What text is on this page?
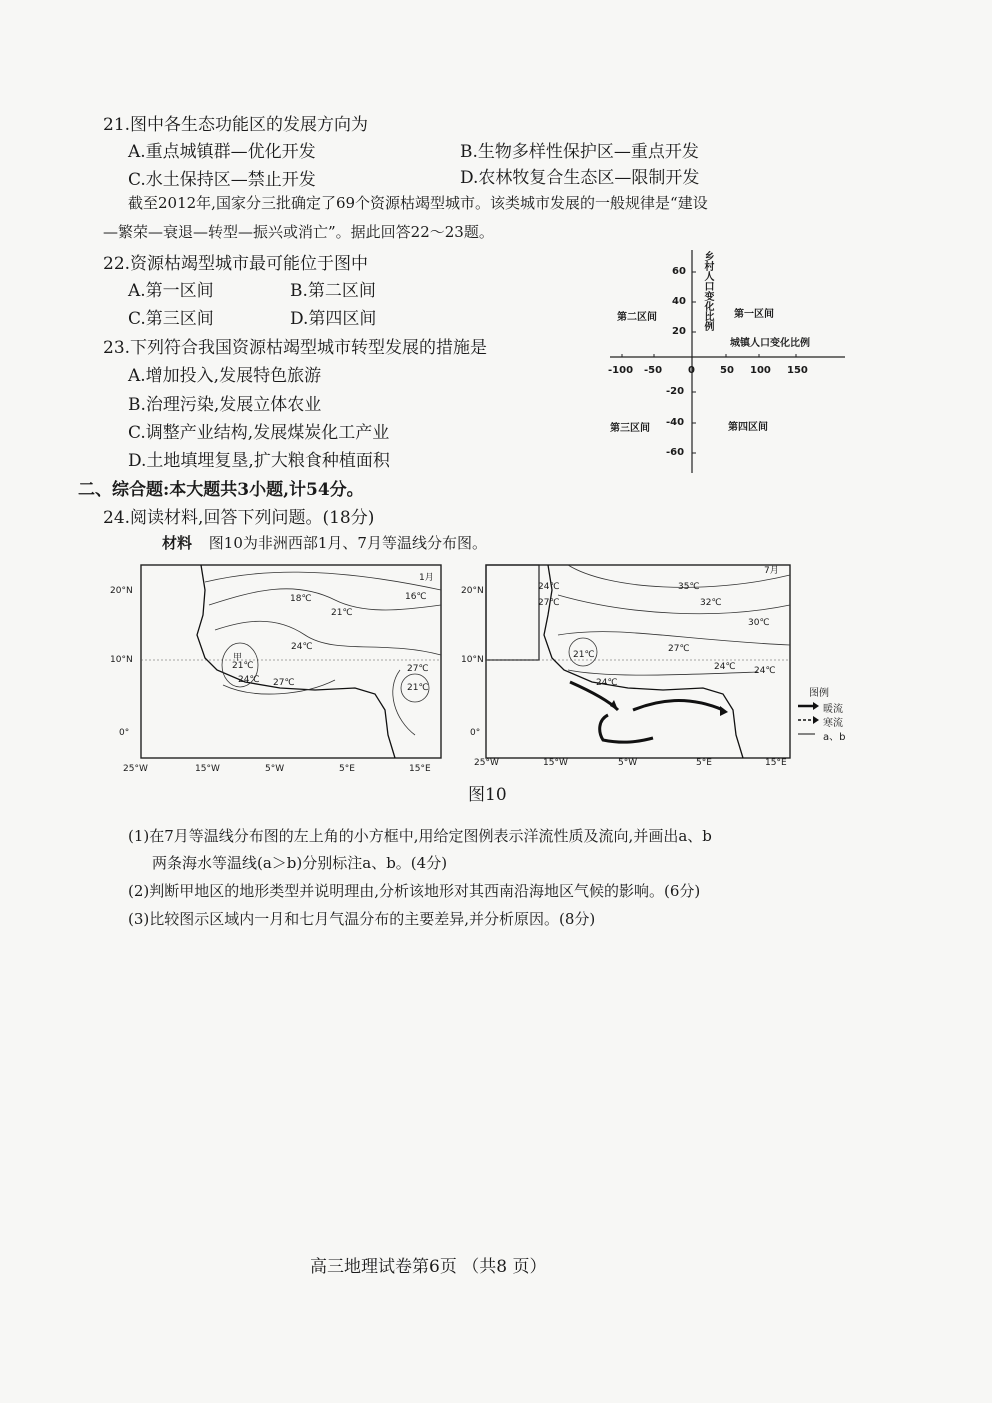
21.图中各生态功能区的发展方向为
A.重点城镇群—优化开发	B.生物多样性保护区—重点开发
C.水土保持区—禁止开发	D.农林牧复合生态区—限制开发
截至2012年,国家分三批确定了69个资源枯竭型城市。该类城市发展的一般规律是“建设
—繁荣—衰退—转型—振兴或消亡”。据此回答22～23题。
22.资源枯竭型城市最可能位于图中
A.第一区间	B.第二区间
C.第三区间	D.第四区间
23.下列符合我国资源枯竭型城市转型发展的措施是
A.增加投入,发展特色旅游
B.治理污染,发展立体农业
C.调整产业结构,发展煤炭化工产业
D.土地填埋复垦,扩大粮食种植面积
-100 -50	0	50 100 150
60
40
20
-20
-40
-60
第二区间	第一区间
第三区间	第四区间
城镇人口变化比例
乡村人口变化比例
二、综合题:本大题共3小题,计54分。
24.阅读材料,回答下列问题。(18分)
材料 图10为非洲西部1月、7月等温线分布图。
1月
20°N
10°N
0°
25°W	15°W	5°W	5°E	15°E
18℃	16℃
21℃
24℃
21℃
24℃ 27℃
27℃
21℃
甲
7月
20°N
10°N
0°
25°W	15°W	5°W	5°E	15°E
35℃
32℃
24℃
27℃
30℃
27℃
21℃
24℃
24℃ 24℃
图例
暖流
寒流
a、b
图10
(1)在7月等温线分布图的左上角的小方框中,用给定图例表示洋流性质及流向,并画出a、b
两条海水等温线(a＞b)分别标注a、b。(4分)
(2)判断甲地区的地形类型并说明理由,分析该地形对其西南沿海地区气候的影响。(6分)
(3)比较图示区域内一月和七月气温分布的主要差异,并分析原因。(8分)
高三地理试卷第6页 （共8 页）
